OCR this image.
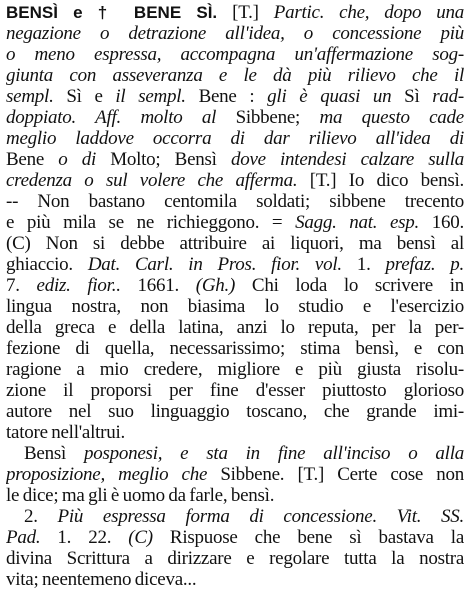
BENSÌ e † BENE SÌ. [T.] Partic. che, dopo una

negazione o detrazione all'idea, o concessione più

o meno espressa, accompagna un'affermazione sog-

giunta con asseveranza e le dà più rilievo che il

sempl. Sì e il sempl. Bene : gli è quasi un Sì rad-

doppiato. Aff. molto al Sibbene; ma questo cade

meglio laddove occorra di dar rilievo all'idea di

Bene o di Molto; Bensì dove intendesi calzare sulla

credenza o sul volere che afferma. [T.] Io dico bensì.

-- Non bastano centomila soldati; sibbene trecento

e più mila se ne richieggono. = Sagg. nat. esp. 160.

(C) Non si debbe attribuire ai liquori, ma bensì al

ghiaccio. Dat. Carl. in Pros. fior. vol. 1. prefaz. p.

7. ediz. fior.. 1661. (Gh.) Chi loda lo scrivere in

lingua nostra, non biasima lo studio e l'esercizio

della greca e della latina, anzi lo reputa, per la per-

fezione di quella, necessarissimo; stima bensì, e con

ragione a mio credere, migliore e più giusta risolu-

zione il proporsi per fine d'esser piuttosto glorioso

autore nel suo linguaggio toscano, che grande imi-

tatore nell'altrui.

Bensì posponesi, e sta in fine all'inciso o alla

proposizione, meglio che Sibbene. [T.] Certe cose non

le dice; ma gli è uomo da farle, bensì.

2. Più espressa forma di concessione. Vit. SS.

Pad. 1. 22. (C) Rispuose che bene sì bastava la

divina Scrittura a dirizzare e regolare tutta la nostra

vita; neentemeno diceva...
